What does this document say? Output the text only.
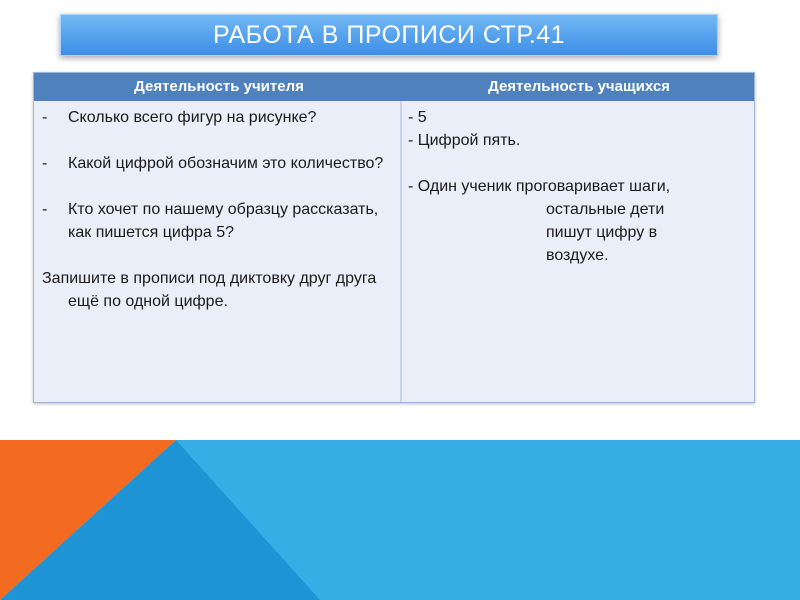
РАБОТА В ПРОПИСИ СТР.41
Деятельность учителя	Деятельность учащихся
- Сколько всего фигур на рисунке?
- Какой цифрой обозначим это количество?
- Кто хочет по нашему образцу рассказать, как пишется цифра 5?
Запишите в прописи под диктовку друг друга ещё по одной цифре.
- 5
- Цифрой пять.
- Один ученик проговаривает шаги,
остальные дети
пишут цифру в
воздухе.
